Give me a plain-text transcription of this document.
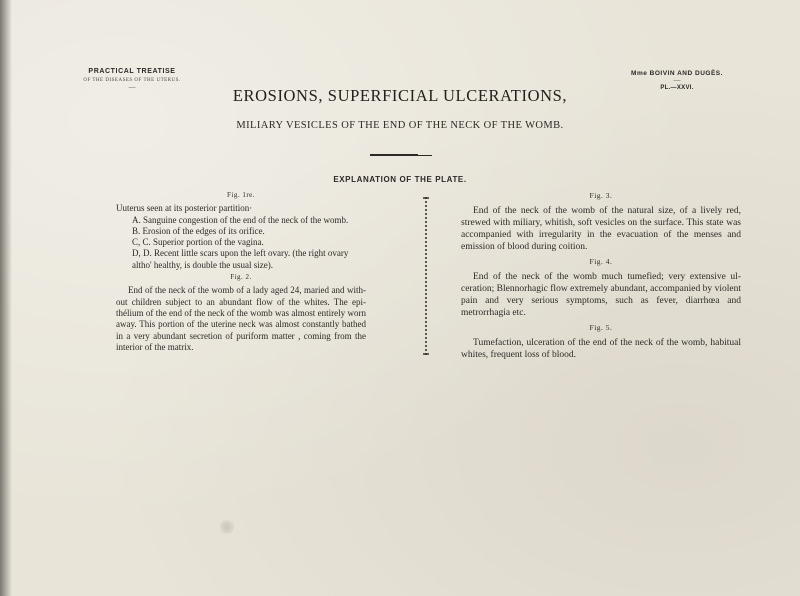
PRACTICAL TREATISE
OF THE DISEASES OF THE UTERUS.
—
Mme BOIVIN AND DUGÈS.
—
PL.—XXVI.
EROSIONS, SUPERFICIAL ULCERATIONS,
MILIARY VESICLES OF THE END OF THE NECK OF THE WOMB.
EXPLANATION OF THE PLATE.
Fig. 1re.

Uuterus seen at its posterior partition·

A. Sanguine congestion of the end of the neck of the womb.
B. Erosion of the edges of its orifice.
C, C. Superior portion of the vagina.
D, D. Recent little scars upon the left ovary. (the right ovary altho' healthy, is double the usual size).
Fig. 2.

End of the neck of the womb of a lady aged 24, maried and with-out children subject to an abundant flow of the whites. The epi-thélium of the end of the neck of the womb was almost entirely worn away. This portion of the uterine neck was almost constantly bathed in a very abundant secretion of puriform matter , coming from the interior of the matrix.

Fig. 3.

End of the neck of the womb of the natural size, of a lively red, strewed with miliary, whitish, soft vesicles on the surface. This state was accompanied with irregularity in the evacuation of the menses and emission of blood during coition.

Fig. 4.

End of the neck of the womb much tumefied; very extensive ul-ceration; Blennorhagic flow extremely abundant, accompanied by violent pain and very serious symptoms, such as fever, diarrhœa and metrorrhagia etc.

Fig. 5.

Tumefaction, ulceration of the end of the neck of the womb, habitual whites, frequent loss of blood.
